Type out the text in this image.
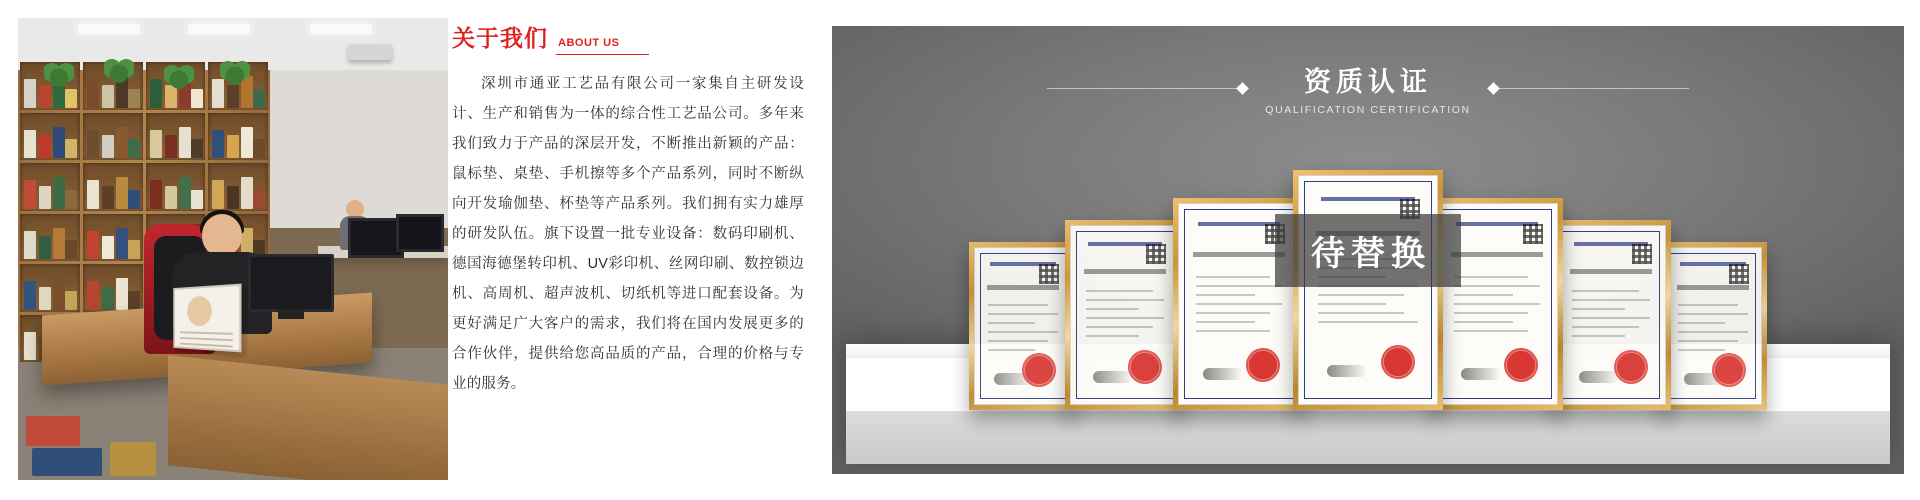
关于我们 ABOUT US

深圳市通亚工艺品有限公司一家集自主研发设计、生产和销售为一体的综合性工艺品公司。多年来我们致力于产品的深层开发，不断推出新颖的产品：鼠标垫、桌垫、手机擦等多个产品系列，同时不断纵向开发瑜伽垫、杯垫等产品系列。我们拥有实力雄厚的研发队伍。旗下设置一批专业设备：数码印刷机、德国海德堡转印机、UV彩印机、丝网印刷、数控锁边机、高周机、超声波机、切纸机等进口配套设备。为更好满足广大客户的需求，我们将在国内发展更多的合作伙伴，提供给您高品质的产品，合理的价格与专业的服务。

资质认证
QUALIFICATION CERTIFICATION
待替换
